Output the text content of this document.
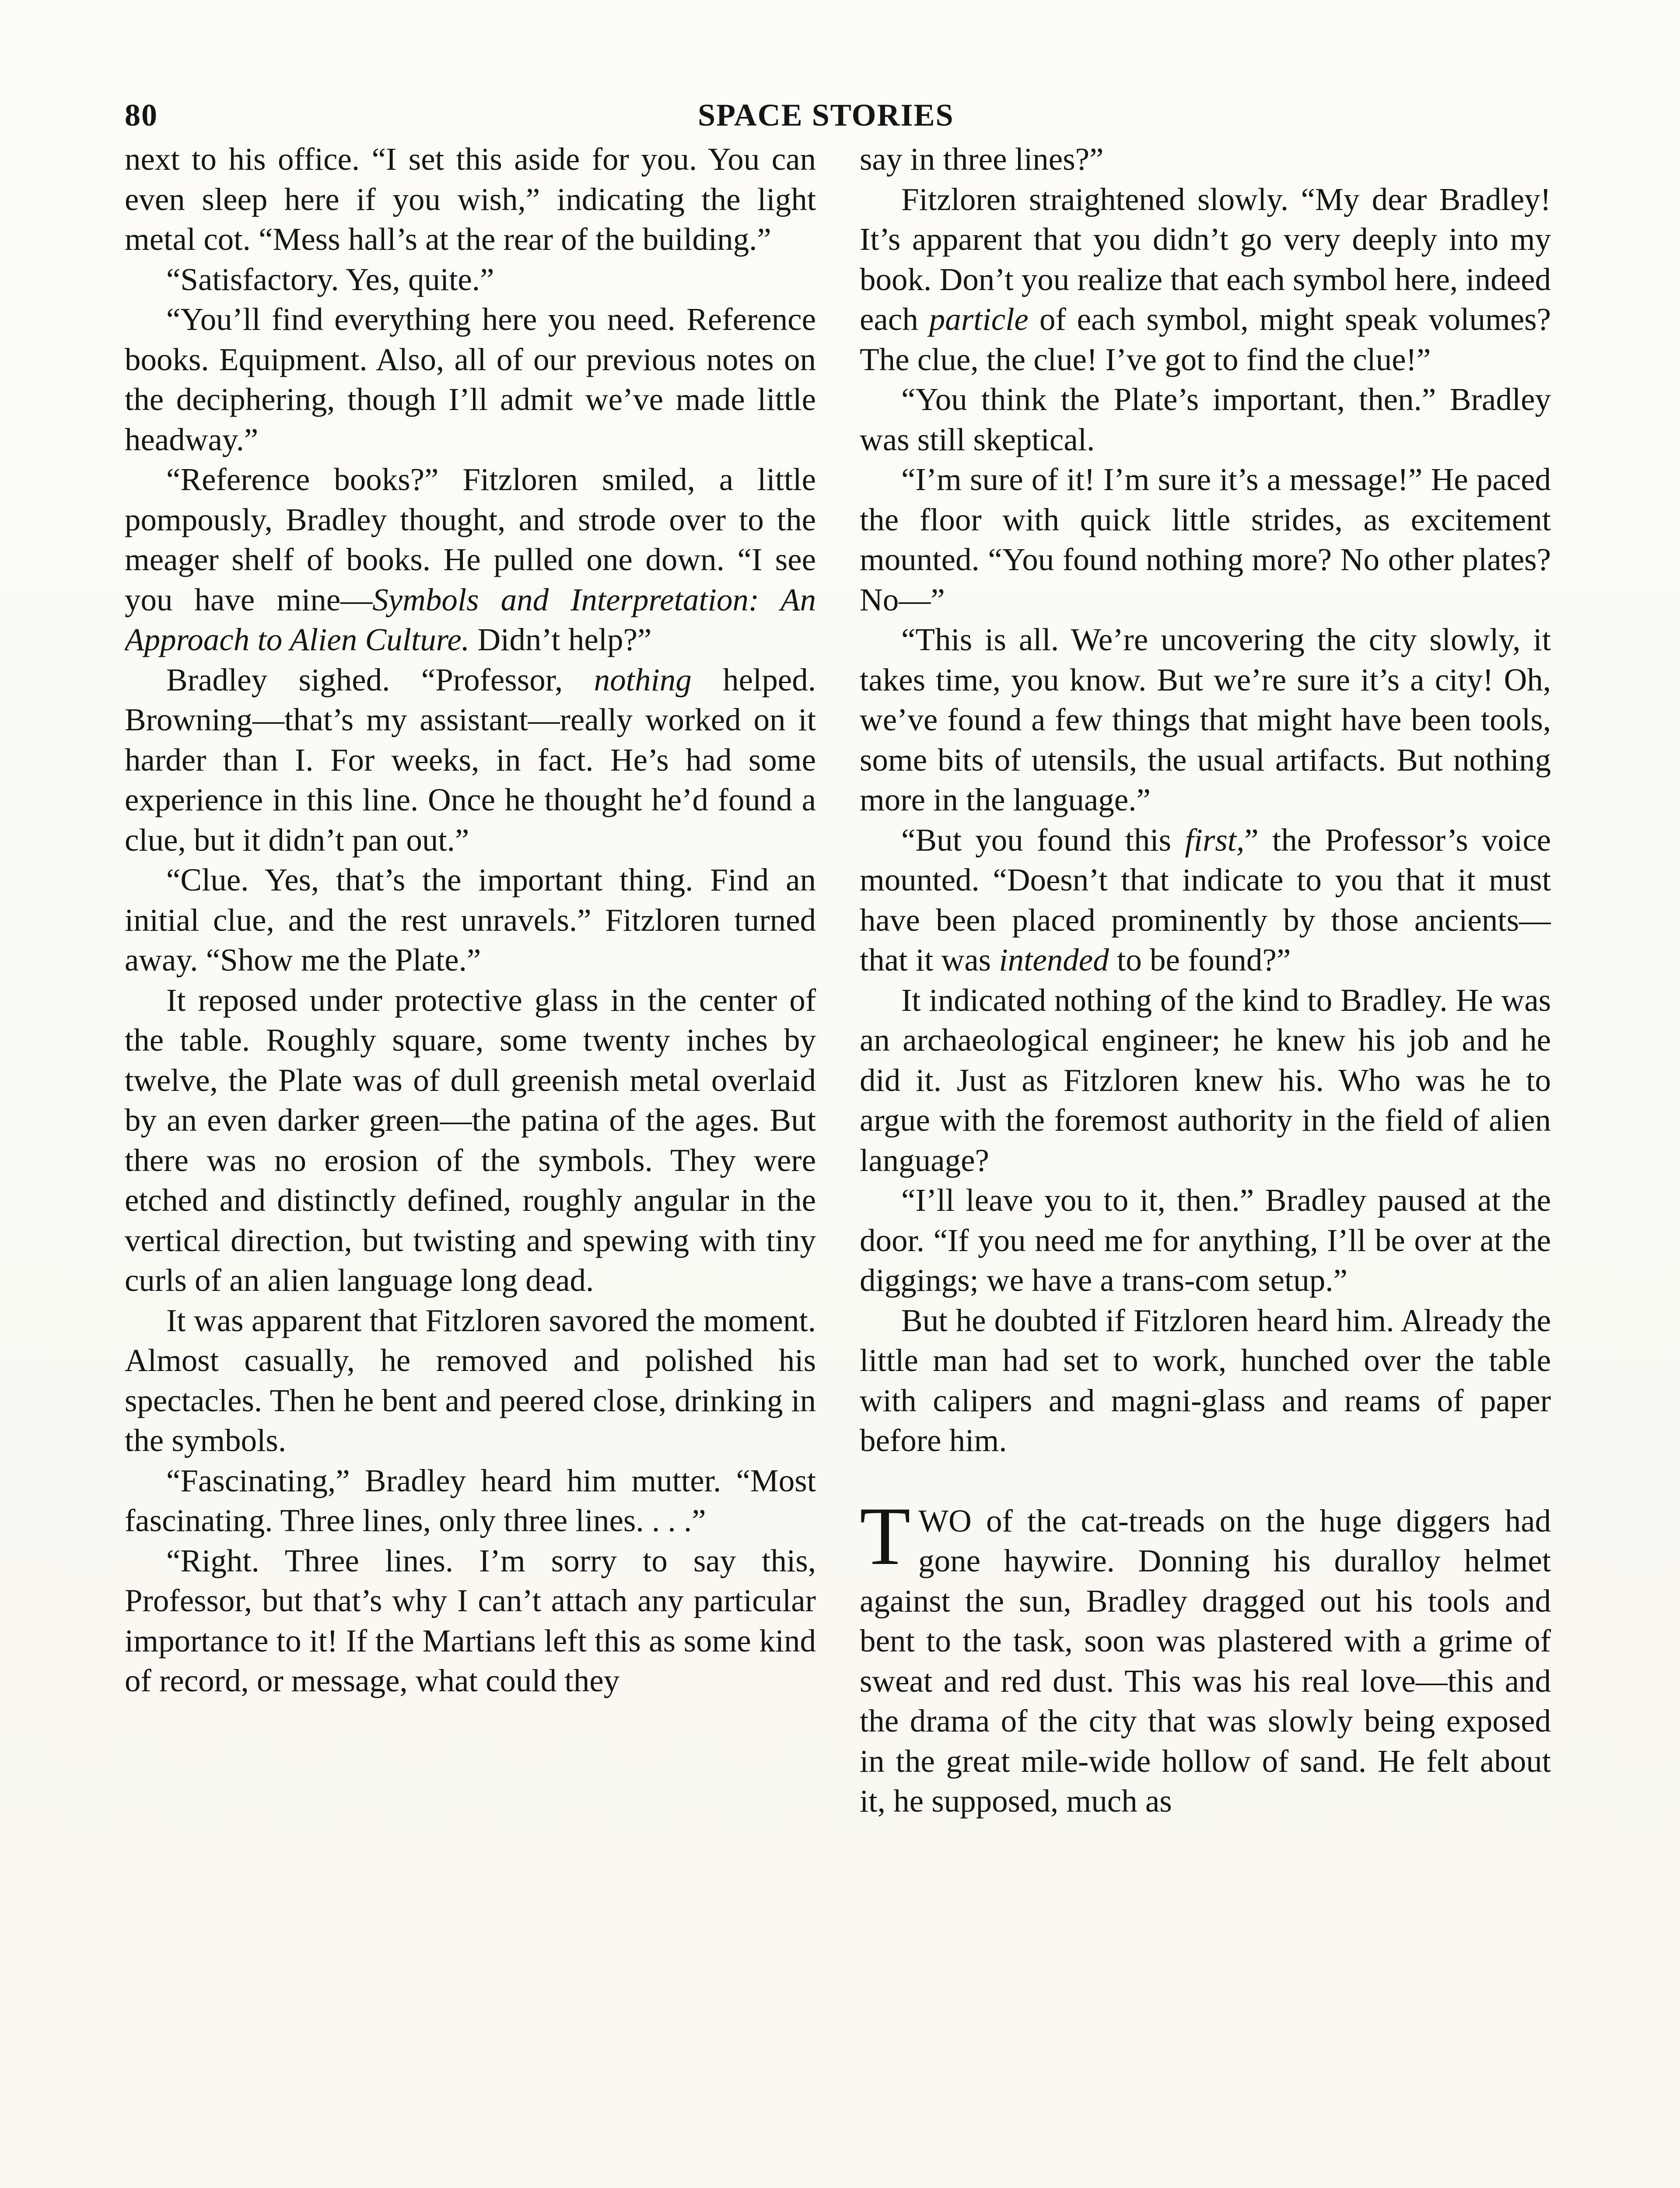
80	SPACE STORIES

next to his office. “I set this aside for you. You can even sleep here if you wish,” indicating the light metal cot. “Mess hall’s at the rear of the building.”

“Satisfactory. Yes, quite.”

“You’ll find everything here you need. Reference books. Equipment. Also, all of our previous notes on the deciphering, though I’ll admit we’ve made little headway.”

“Reference books?” Fitzloren smiled, a little pompously, Bradley thought, and strode over to the meager shelf of books. He pulled one down. “I see you have mine—Symbols and Interpretation: An Approach to Alien Culture. Didn’t help?”

Bradley sighed. “Professor, nothing helped. Browning—that’s my assistant—really worked on it harder than I. For weeks, in fact. He’s had some experience in this line. Once he thought he’d found a clue, but it didn’t pan out.”

“Clue. Yes, that’s the important thing. Find an initial clue, and the rest unravels.” Fitzloren turned away. “Show me the Plate.”

It reposed under protective glass in the center of the table. Roughly square, some twenty inches by twelve, the Plate was of dull greenish metal overlaid by an even darker green—the patina of the ages. But there was no erosion of the symbols. They were etched and distinctly defined, roughly angular in the vertical direction, but twisting and spewing with tiny curls of an alien language long dead.

It was apparent that Fitzloren savored the moment. Almost casually, he removed and polished his spectacles. Then he bent and peered close, drinking in the symbols.

“Fascinating,” Bradley heard him mutter. “Most fascinating. Three lines, only three lines. . . .”

“Right. Three lines. I’m sorry to say this, Professor, but that’s why I can’t attach any particular importance to it! If the Martians left this as some kind of record, or message, what could they

say in three lines?”

Fitzloren straightened slowly. “My dear Bradley! It’s apparent that you didn’t go very deeply into my book. Don’t you realize that each symbol here, indeed each particle of each symbol, might speak volumes? The clue, the clue! I’ve got to find the clue!”

“You think the Plate’s important, then.” Bradley was still skeptical.

“I’m sure of it! I’m sure it’s a message!” He paced the floor with quick little strides, as excitement mounted. “You found nothing more? No other plates? No—”

“This is all. We’re uncovering the city slowly, it takes time, you know. But we’re sure it’s a city! Oh, we’ve found a few things that might have been tools, some bits of utensils, the usual artifacts. But nothing more in the language.”

“But you found this first,” the Professor’s voice mounted. “Doesn’t that indicate to you that it must have been placed prominently by those ancients—that it was intended to be found?”

It indicated nothing of the kind to Bradley. He was an archaeological engineer; he knew his job and he did it. Just as Fitzloren knew his. Who was he to argue with the foremost authority in the field of alien language?

“I’ll leave you to it, then.” Bradley paused at the door. “If you need me for anything, I’ll be over at the diggings; we have a trans-com setup.”

But he doubted if Fitzloren heard him. Already the little man had set to work, hunched over the table with calipers and magni-glass and reams of paper before him.

TWO of the cat-treads on the huge diggers had gone haywire. Donning his duralloy helmet against the sun, Bradley dragged out his tools and bent to the task, soon was plastered with a grime of sweat and red dust. This was his real love—this and the drama of the city that was slowly being exposed in the great mile-wide hollow of sand. He felt about it, he supposed, much as
